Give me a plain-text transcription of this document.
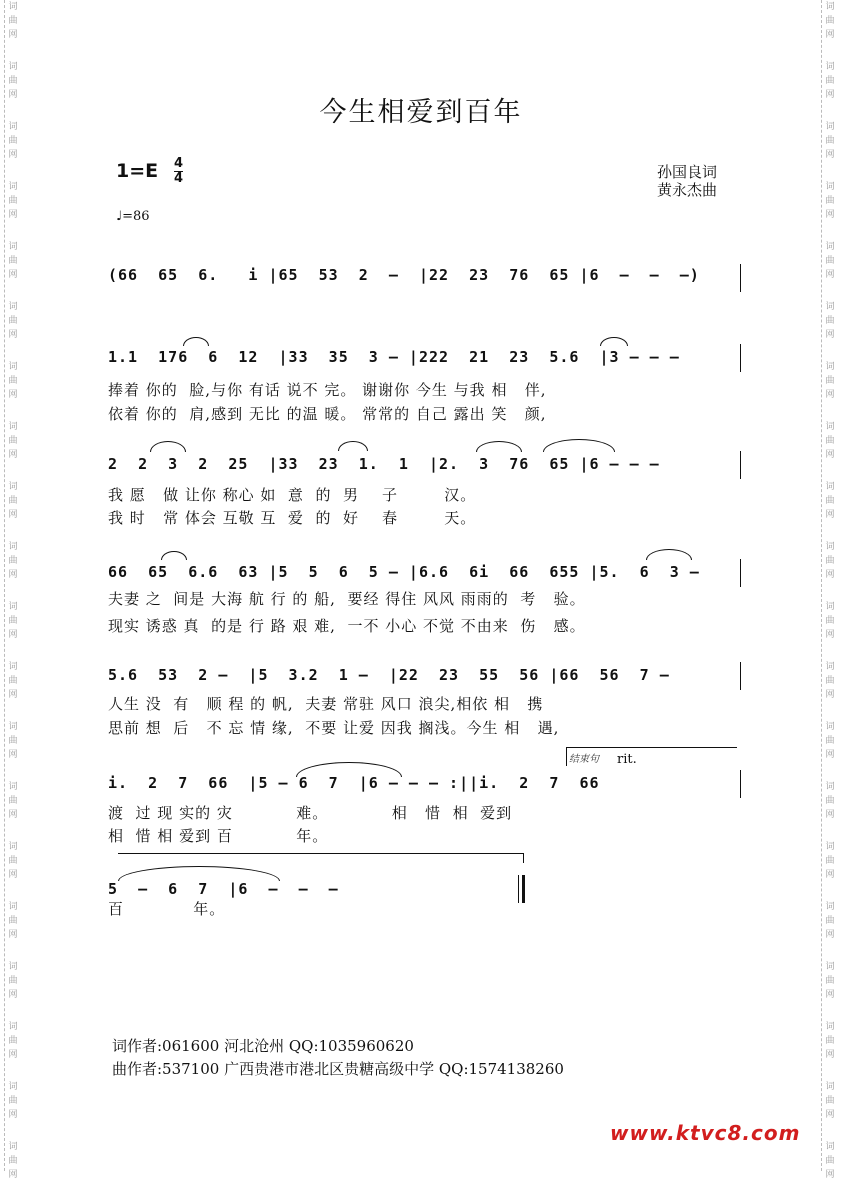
词曲网
词曲网
词曲网
词曲网
词曲网
词曲网
词曲网
词曲网
词曲网
词曲网
词曲网
词曲网
词曲网
词曲网
词曲网
词曲网
词曲网
词曲网
词曲网
词曲网
词曲网
词曲网
词曲网
词曲网
词曲网
词曲网
词曲网
词曲网
词曲网
词曲网
词曲网
词曲网
词曲网
词曲网
词曲网
词曲网
词曲网
词曲网
词曲网
词曲网
今生相爱到百年
1=E 4
4
♩=86
孙国良词
黄永杰曲
(66  65  6.   i |65  53  2  –  |22  23  76  65 |6  –  –  –)
1.1  176  6  12  |33  35  3 – |222  21  23  5.6  |3 – – –
捧着 你的  脸,与你 有话 说不 完。 谢谢你 今生 与我 相   伴,
依着 你的  肩,感到 无比 的温 暖。 常常的 自己 露出 笑   颜,
2  2  3  2  25  |33  23  1.  1  |2.  3  76  65 |6 – – –
我 愿   做 让你 称心 如  意  的  男    子        汉。
我 时   常 体会 互敬 互  爱  的  好    春        天。
66  65  6.6  63 |5  5  6  5 – |6.6  6i  66  655 |5.  6  3 –
夫妻 之  间是 大海 航 行 的 船,  要经 得住 风风 雨雨的  考   验。
现实 诱惑 真  的是 行 路 艰 难,  一不 小心 不觉 不由来  伤   感。
5.6  53  2 –  |5  3.2  1 –  |22  23  55  56 |66  56  7 –
人生 没  有   顺 程 的 帆,  夫妻 常驻 风口 浪尖,相依 相   携
思前 想  后   不 忘 情 缘,  不要 让爱 因我 搁浅。今生 相   遇,
结束句 rit.
i.  2  7  66  |5 – 6  7  |6 – – – :||i.  2  7  66
渡  过 现 实的 灾           难。           相   惜  相  爱到
相  惜 相 爱到 百           年。
5  –  6  7  |6  –  –  –
百            年。
词作者:061600 河北沧州 QQ:1035960620
曲作者:537100 广西贵港市港北区贵糖高级中学 QQ:1574138260
www.ktvc8.com
